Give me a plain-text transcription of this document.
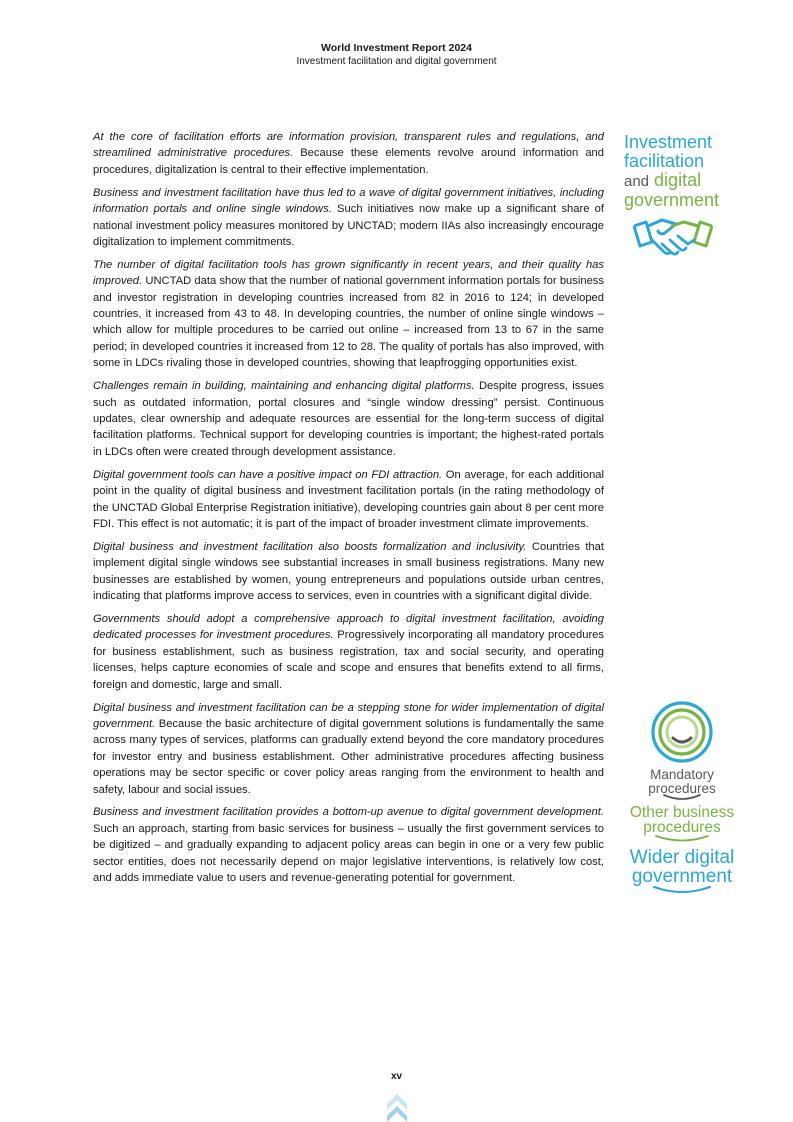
World Investment Report 2024
Investment facilitation and digital government

At the core of facilitation efforts are information provision, transparent rules and regulations, and streamlined administrative procedures. Because these elements revolve around information and procedures, digitalization is central to their effective implementation.

Business and investment facilitation have thus led to a wave of digital government initiatives, including information portals and online single windows. Such initiatives now make up a significant share of national investment policy measures monitored by UNCTAD; modern IIAs also increasingly encourage digitalization to implement commitments.

The number of digital facilitation tools has grown significantly in recent years, and their quality has improved. UNCTAD data show that the number of national government information portals for business and investor registration in developing countries increased from 82 in 2016 to 124; in developed countries, it increased from 43 to 48. In developing countries, the number of online single windows – which allow for multiple procedures to be carried out online – increased from 13 to 67 in the same period; in developed countries it increased from 12 to 28. The quality of portals has also improved, with some in LDCs rivaling those in developed countries, showing that leapfrogging opportunities exist.

Challenges remain in building, maintaining and enhancing digital platforms. Despite progress, issues such as outdated information, portal closures and “single window dressing” persist. Continuous updates, clear ownership and adequate resources are essential for the long-term success of digital facilitation platforms. Technical support for developing countries is important; the highest-rated portals in LDCs often were created through development assistance.

Digital government tools can have a positive impact on FDI attraction. On average, for each additional point in the quality of digital business and investment facilitation portals (in the rating methodology of the UNCTAD Global Enterprise Registration initiative), developing countries gain about 8 per cent more FDI. This effect is not automatic; it is part of the impact of broader investment climate improvements.

Digital business and investment facilitation also boosts formalization and inclusivity. Countries that implement digital single windows see substantial increases in small business registrations. Many new businesses are established by women, young entrepreneurs and populations outside urban centres, indicating that platforms improve access to services, even in countries with a significant digital divide.

Governments should adopt a comprehensive approach to digital investment facilitation, avoiding dedicated processes for investment procedures. Progressively incorporating all mandatory procedures for business establishment, such as business registration, tax and social security, and operating licenses, helps capture economies of scale and scope and ensures that benefits extend to all firms, foreign and domestic, large and small.

Digital business and investment facilitation can be a stepping stone for wider implementation of digital government. Because the basic architecture of digital government solutions is fundamentally the same across many types of services, platforms can gradually extend beyond the core mandatory procedures for investor entry and business establishment. Other administrative procedures affecting business operations may be sector specific or cover policy areas ranging from the environment to health and safety, labour and social issues.

Business and investment facilitation provides a bottom-up avenue to digital government development. Such an approach, starting from basic services for business – usually the first government services to be digitized – and gradually expanding to adjacent policy areas can begin in one or a very few public sector entities, does not necessarily depend on major legislative interventions, is relatively low cost, and adds immediate value to users and revenue-generating potential for government.

Investment
facilitation
and digital
government
Mandatory
procedures
Other business
procedures
Wider digital
government
xv
